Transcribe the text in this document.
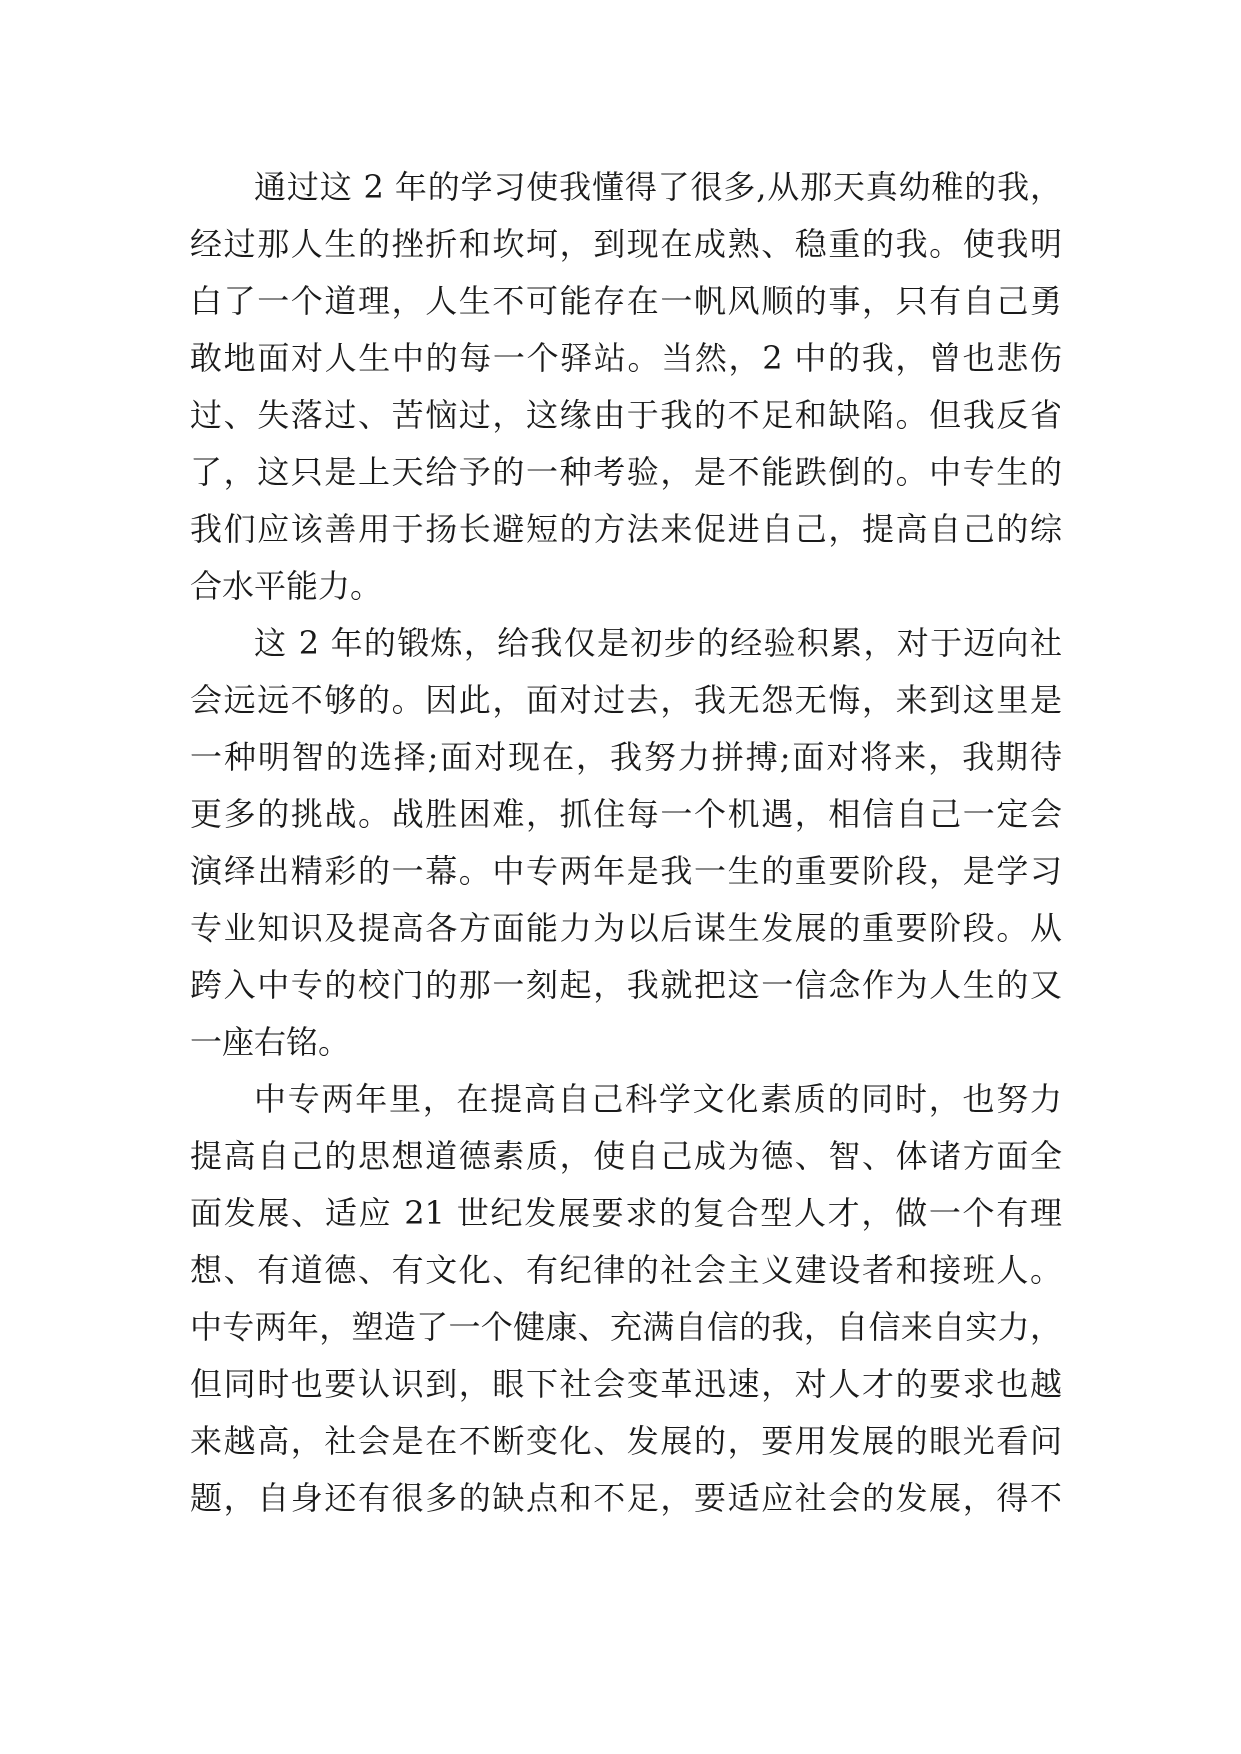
通过这 2 年的学习使我懂得了很多,从那天真幼稚的我，
经过那人生的挫折和坎坷，到现在成熟、稳重的我。使我明
白了一个道理，人生不可能存在一帆风顺的事，只有自己勇
敢地面对人生中的每一个驿站。当然，2 中的我，曾也悲伤
过、失落过、苦恼过，这缘由于我的不足和缺陷。但我反省
了，这只是上天给予的一种考验，是不能跌倒的。中专生的
我们应该善用于扬长避短的方法来促进自己，提高自己的综
合水平能力。
这 2 年的锻炼，给我仅是初步的经验积累，对于迈向社
会远远不够的。因此，面对过去，我无怨无悔，来到这里是
一种明智的选择;面对现在，我努力拼搏;面对将来，我期待
更多的挑战。战胜困难，抓住每一个机遇，相信自己一定会
演绎出精彩的一幕。中专两年是我一生的重要阶段，是学习
专业知识及提高各方面能力为以后谋生发展的重要阶段。从
跨入中专的校门的那一刻起，我就把这一信念作为人生的又
一座右铭。
中专两年里，在提高自己科学文化素质的同时，也努力
提高自己的思想道德素质，使自己成为德、智、体诸方面全
面发展、适应 21 世纪发展要求的复合型人才，做一个有理
想、有道德、有文化、有纪律的社会主义建设者和接班人。
中专两年，塑造了一个健康、充满自信的我，自信来自实力，
但同时也要认识到，眼下社会变革迅速，对人才的要求也越
来越高，社会是在不断变化、发展的，要用发展的眼光看问
题，自身还有很多的缺点和不足，要适应社会的发展，得不
